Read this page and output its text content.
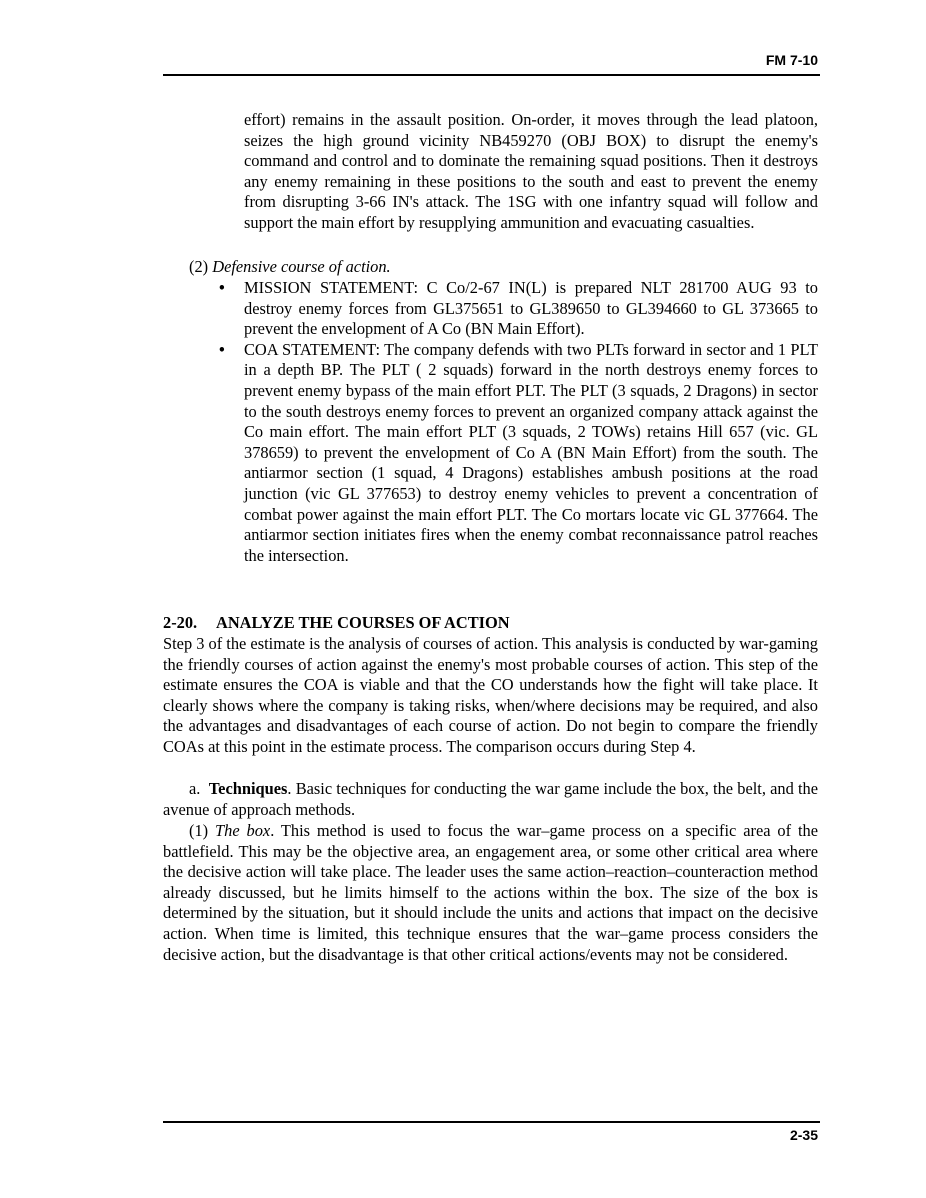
FM 7-10

effort) remains in the assault position. On-order, it moves through the lead platoon, seizes the high ground vicinity NB459270 (OBJ BOX) to disrupt the enemy's command and control and to dominate the remaining squad positions. Then it destroys any enemy remaining in these positions to the south and east to prevent the enemy from disrupting 3-66 IN's attack. The 1SG with one infantry squad will follow and support the main effort by resupplying ammunition and evacuating casualties.

(2) Defensive course of action.

•	MISSION STATEMENT: C Co/2-67 IN(L) is prepared NLT 281700 AUG 93 to destroy enemy forces from GL375651 to GL389650 to GL394660 to GL 373665 to prevent the envelopment of A Co (BN Main Effort).
•	COA STATEMENT: The company defends with two PLTs forward in sector and 1 PLT in a depth BP. The PLT ( 2 squads) forward in the north destroys enemy forces to prevent enemy bypass of the main effort PLT. The PLT (3 squads, 2 Dragons) in sector to the south destroys enemy forces to prevent an organized company attack against the Co main effort. The main effort PLT (3 squads, 2 TOWs) retains Hill 657 (vic. GL 378659) to prevent the envelopment of Co A (BN Main Effort) from the south. The antiarmor section (1 squad, 4 Dragons) establishes ambush positions at the road junction (vic GL 377653) to destroy enemy vehicles to prevent a concentration of combat power against the main effort PLT. The Co mortars locate vic GL 377664. The antiarmor section initiates fires when the enemy combat reconnaissance patrol reaches the intersection.

2-20. ANALYZE THE COURSES OF ACTION

Step 3 of the estimate is the analysis of courses of action. This analysis is conducted by war-gaming the friendly courses of action against the enemy's most probable courses of action. This step of the estimate ensures the COA is viable and that the CO understands how the fight will take place. It clearly shows where the company is taking risks, when/where decisions may be required, and also the advantages and disadvantages of each course of action. Do not begin to compare the friendly COAs at this point in the estimate process. The comparison occurs during Step 4.

a. Techniques. Basic techniques for conducting the war game include the box, the belt, and the avenue of approach methods.

(1) The box. This method is used to focus the war–game process on a specific area of the battlefield. This may be the objective area, an engagement area, or some other critical area where the decisive action will take place. The leader uses the same action–reaction–counteraction method already discussed, but he limits himself to the actions within the box. The size of the box is determined by the situation, but it should include the units and actions that impact on the decisive action. When time is limited, this technique ensures that the war–game process considers the decisive action, but the disadvantage is that other critical actions/events may not be considered.

2-35
